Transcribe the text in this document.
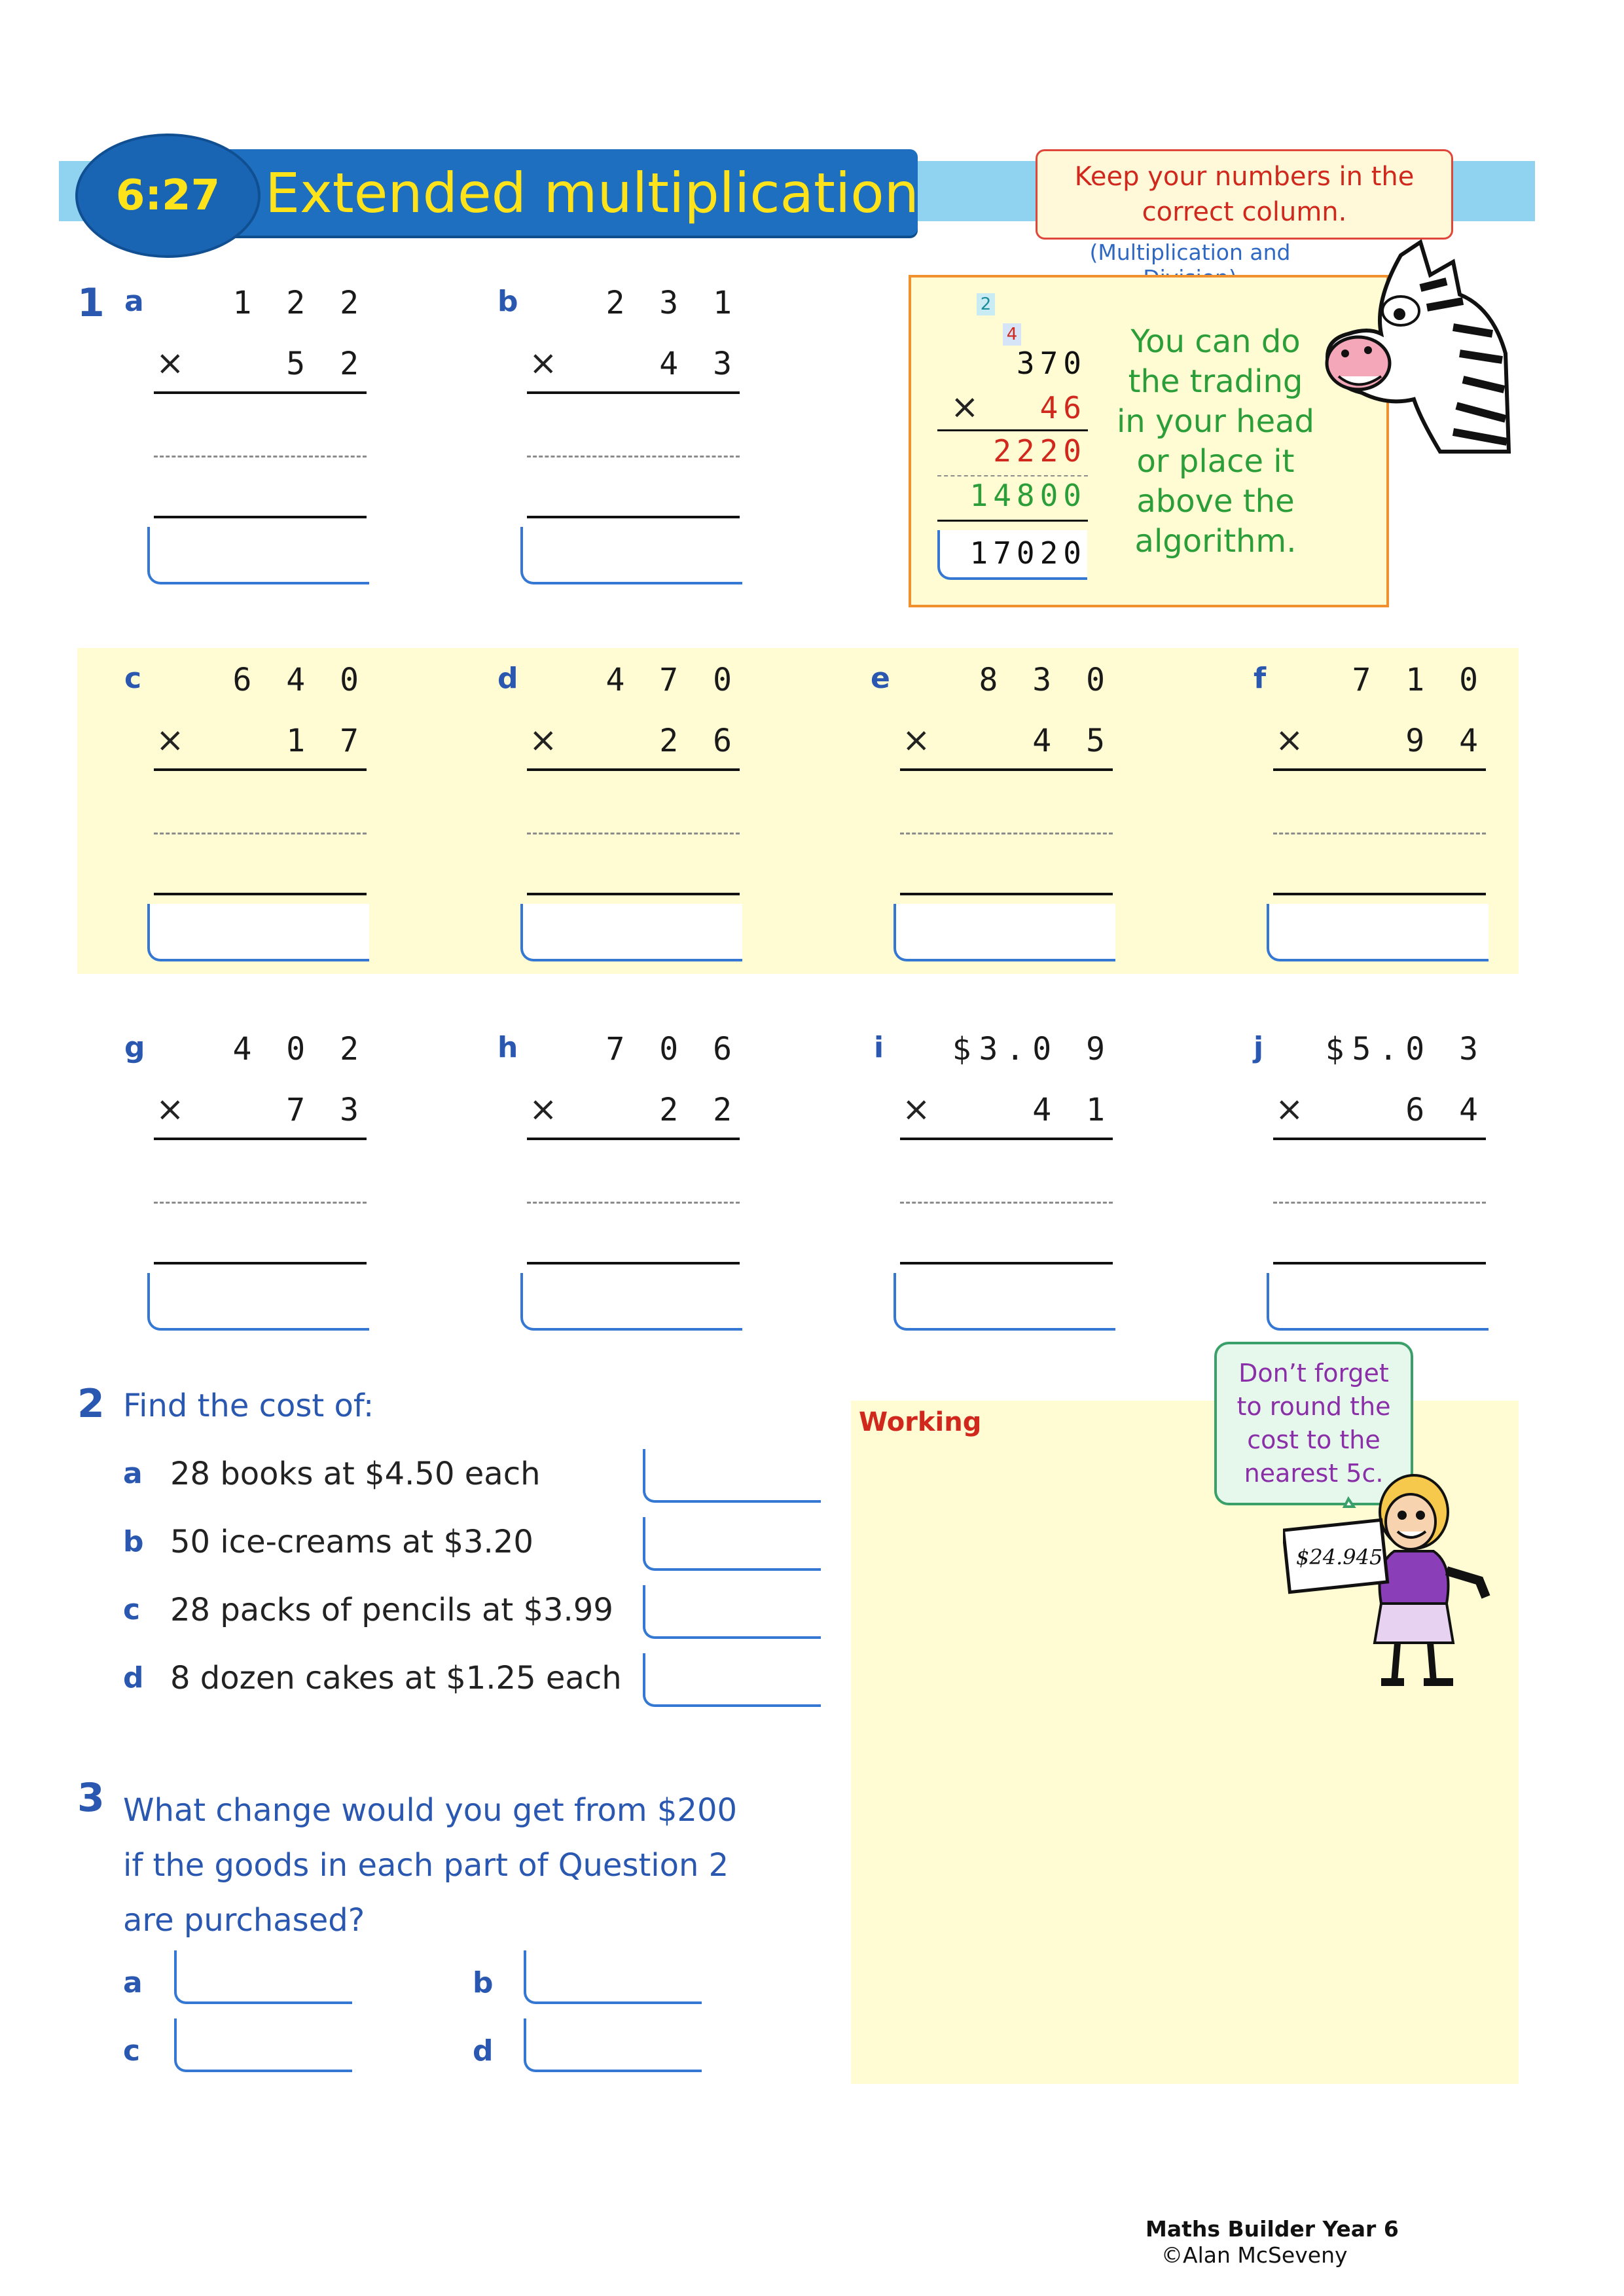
6:27 Extended multiplication	Keep your numbers in the
correct column.
(Multiplication and
1 a	1 2 2
×	5 2
b	2 3 1
×	4 3
2
4
370
×	46
2220
14800
17020
You can do
the trading
in your head
or place it
above the
algorithm.
c	6 4 0
×	1 7
d	4 7 0
×	2 6
e	8 3 0
×	4 5
f	7 1 0
×	9 4
g	4 0 2
×	7 3
h	7 0 6
×	2 2
i	$3.0 9
×	4 1
j	$5.0 3
×	6 4
Working
Don’t forget
to round the
cost to the
nearest 5c.
$24.945
2 Find the cost of:
a 28 books at $4.50 each
b 50 ice-creams at $3.20
c 28 packs of pencils at $3.99
d 8 dozen cakes at $1.25 each
3 What change would you get from $200
if the goods in each part of Question 2
are purchased?
a	b
c	d
Maths Builder Year 6
©Alan McSeveny
